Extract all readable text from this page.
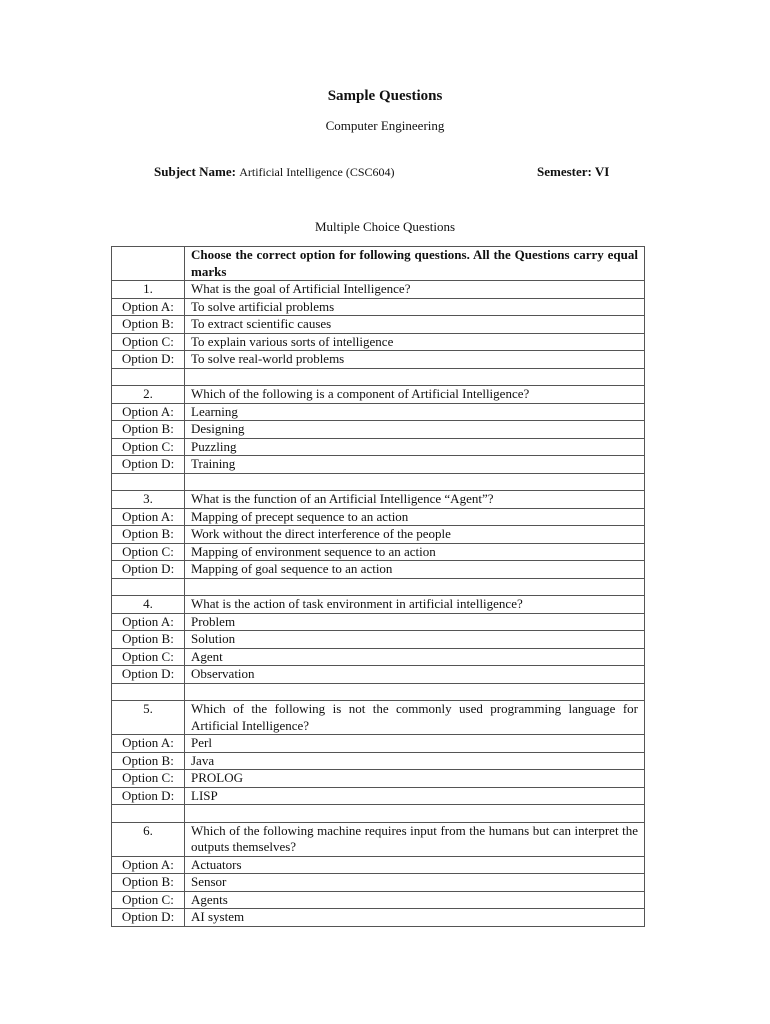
Sample Questions
Computer Engineering
Subject Name: Artificial Intelligence (CSC604)	Semester: VI
Multiple Choice Questions
	Choose the correct option for following questions. All the Questions carry equal marks
1.	What is the goal of Artificial Intelligence?
Option A:	To solve artificial problems
Option B:	To extract scientific causes
Option C:	To explain various sorts of intelligence
Option D:	To solve real-world problems

2.	Which of the following is a component of Artificial Intelligence?
Option A:	Learning
Option B:	Designing
Option C:	Puzzling
Option D:	Training

3.	What is the function of an Artificial Intelligence “Agent”?
Option A:	Mapping of precept sequence to an action
Option B:	Work without the direct interference of the people
Option C:	Mapping of environment sequence to an action
Option D:	Mapping of goal sequence to an action

4.	What is the action of task environment in artificial intelligence?
Option A:	Problem
Option B:	Solution
Option C:	Agent
Option D:	Observation

5.	Which of the following is not the commonly used programming language for Artificial Intelligence?
Option A:	Perl
Option B:	Java
Option C:	PROLOG
Option D:	LISP

6.	Which of the following machine requires input from the humans but can interpret the outputs themselves?
Option A:	Actuators
Option B:	Sensor
Option C:	Agents
Option D:	AI system
